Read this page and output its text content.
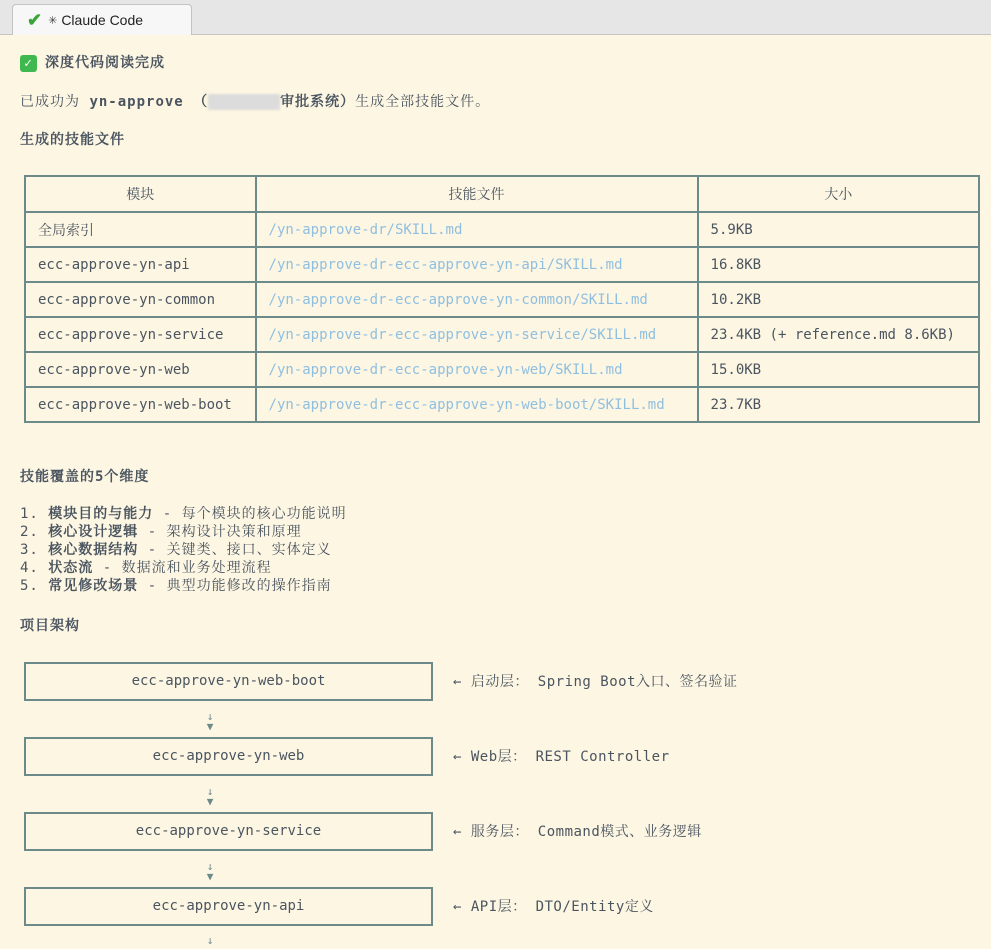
✔ ✳ Claude Code
✓ 深度代码阅读完成
已成功为 yn-approve （	审批系统）生成全部技能文件。
生成的技能文件
模块	技能文件	大小
全局索引	/yn-approve-dr/SKILL.md	5.9KB
ecc-approve-yn-api	/yn-approve-dr-ecc-approve-yn-api/SKILL.md	16.8KB
ecc-approve-yn-common	/yn-approve-dr-ecc-approve-yn-common/SKILL.md	10.2KB
ecc-approve-yn-service	/yn-approve-dr-ecc-approve-yn-service/SKILL.md	23.4KB (+ reference.md 8.6KB)
ecc-approve-yn-web	/yn-approve-dr-ecc-approve-yn-web/SKILL.md	15.0KB
ecc-approve-yn-web-boot	/yn-approve-dr-ecc-approve-yn-web-boot/SKILL.md	23.7KB
技能覆盖的5个维度
1. 模块目的与能力 - 每个模块的核心功能说明
2. 核心设计逻辑 - 架构设计决策和原理
3. 核心数据结构 - 关键类、接口、实体定义
4. 状态流 - 数据流和业务处理流程
5. 常见修改场景 - 典型功能修改的操作指南
项目架构
ecc-approve-yn-web-boot	← 启动层： Spring Boot入口、签名验证
↓
▼
ecc-approve-yn-web	← Web层： REST Controller
↓
▼
ecc-approve-yn-service	← 服务层： Command模式、业务逻辑
↓
▼
ecc-approve-yn-api	← API层： DTO/Entity定义
↓
